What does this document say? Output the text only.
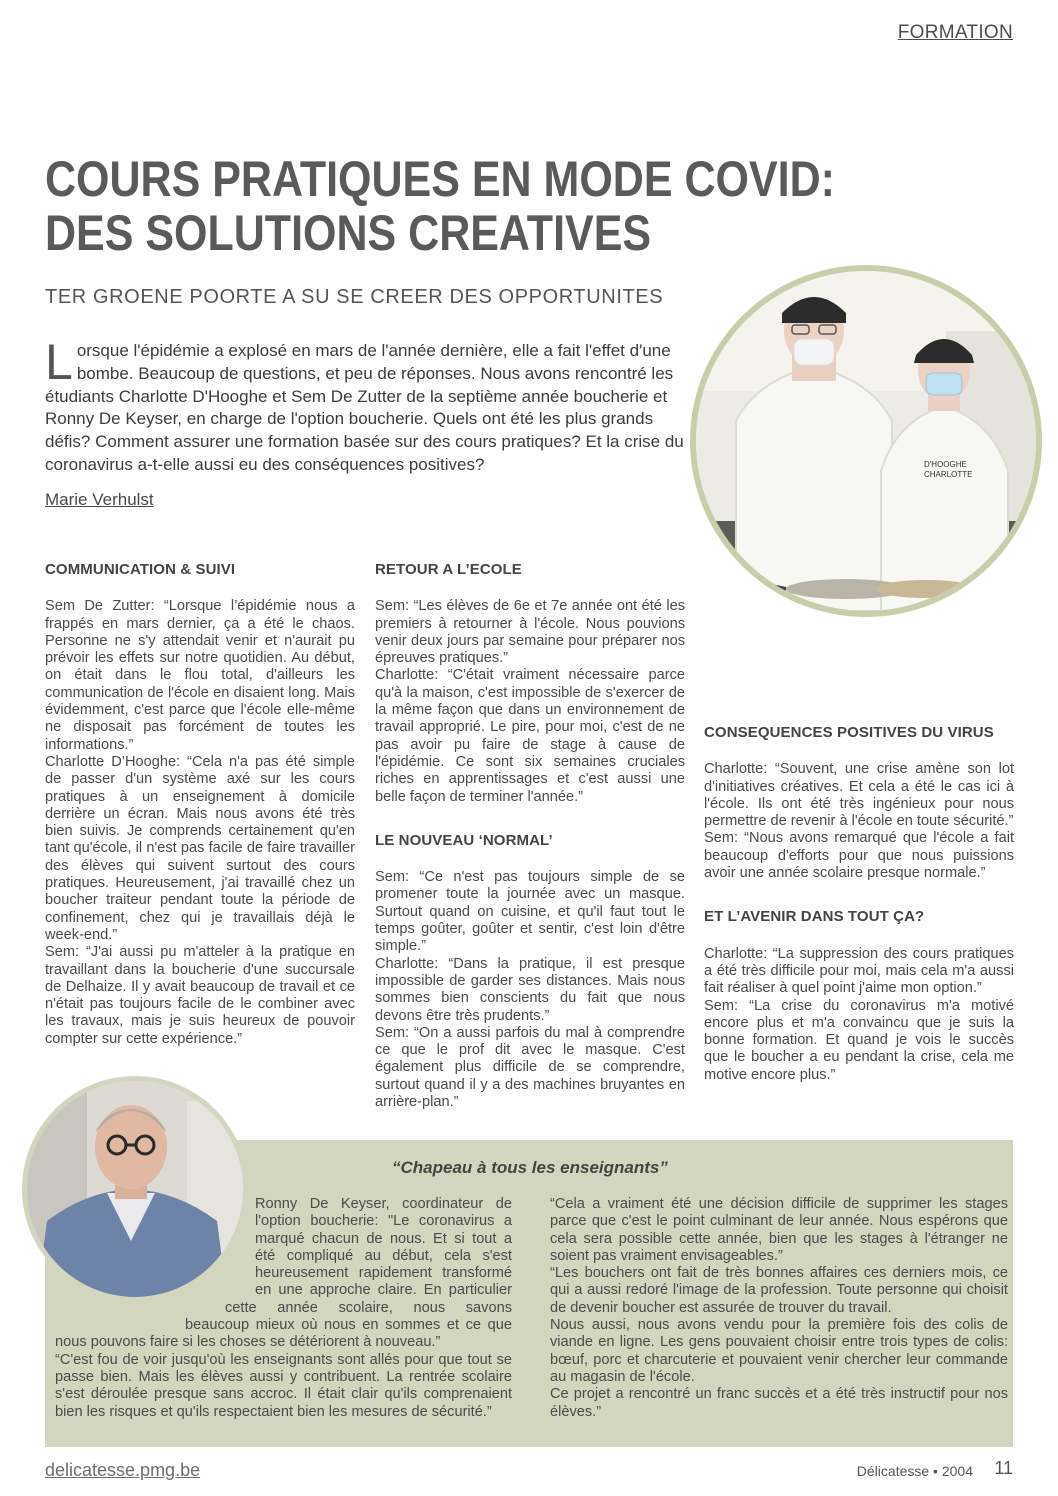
FORMATION
COURS PRATIQUES EN MODE COVID:
DES SOLUTIONS CREATIVES
TER GROENE POORTE A SU SE CREER DES OPPORTUNITES
Lorsque l'épidémie a explosé en mars de l'année dernière, elle a fait l'effet d'une bombe. Beaucoup de questions, et peu de réponses. Nous avons rencontré les étudiants Charlotte D'Hooghe et Sem De Zutter de la septième année boucherie et Ronny De Keyser, en charge de l'option boucherie. Quels ont été les plus grands défis? Comment assurer une formation basée sur des cours pratiques? Et la crise du coronavirus a-t-elle aussi eu des conséquences positives?
Marie Verhulst
D'HOOGHE
CHARLOTTE
COMMUNICATION & SUIVI

Sem De Zutter: “Lorsque l’épidémie nous a frappés en mars dernier, ça a été le chaos. Personne ne s'y attendait venir et n'aurait pu prévoir les effets sur notre quotidien. Au début, on était dans le flou total, d'ailleurs les communication de l'école en disaient long. Mais évidemment, c'est parce que l'école elle-même ne disposait pas forcément de toutes les informations.”

Charlotte D’Hooghe: “Cela n'a pas été simple de passer d'un système axé sur les cours pratiques à un enseignement à domicile derrière un écran. Mais nous avons été très bien suivis. Je comprends certainement qu'en tant qu'école, il n'est pas facile de faire travailler des élèves qui suivent surtout des cours pratiques. Heureusement, j'ai travaillé chez un boucher traiteur pendant toute la période de confinement, chez qui je travaillais déjà le week-end.”

Sem: “J'ai aussi pu m'atteler à la pratique en travaillant dans la boucherie d'une succursale de Delhaize. Il y avait beaucoup de travail et ce n'était pas toujours facile de le combiner avec les travaux, mais je suis heureux de pouvoir compter sur cette expérience.”

RETOUR A L’ECOLE

Sem: “Les élèves de 6e et 7e année ont été les premiers à retourner à l'école. Nous pouvions venir deux jours par semaine pour préparer nos épreuves pratiques.”

Charlotte: “C'était vraiment nécessaire parce qu'à la maison, c'est impossible de s'exercer de la même façon que dans un environnement de travail approprié. Le pire, pour moi, c'est de ne pas avoir pu faire de stage à cause de l'épidémie. Ce sont six semaines cruciales riches en apprentissages et c'est aussi une belle façon de terminer l'année.”

LE NOUVEAU ‘NORMAL’

Sem: “Ce n'est pas toujours simple de se promener toute la journée avec un masque. Surtout quand on cuisine, et qu'il faut tout le temps goûter, goûter et sentir, c'est loin d'être simple.”

Charlotte: “Dans la pratique, il est presque impossible de garder ses distances. Mais nous sommes bien conscients du fait que nous devons être très prudents.”

Sem: “On a aussi parfois du mal à comprendre ce que le prof dit avec le masque. C'est également plus difficile de se comprendre, surtout quand il y a des machines bruyantes en arrière-plan.”

CONSEQUENCES POSITIVES DU VIRUS

Charlotte: “Souvent, une crise amène son lot d'initiatives créatives. Et cela a été le cas ici à l'école. Ils ont été très ingénieux pour nous permettre de revenir à l'école en toute sécurité.”

Sem: “Nous avons remarqué que l'école a fait beaucoup d'efforts pour que nous puissions avoir une année scolaire presque normale.”

ET L’AVENIR DANS TOUT ÇA?

Charlotte: “La suppression des cours pratiques a été très difficile pour moi, mais cela m'a aussi fait réaliser à quel point j'aime mon option.”

Sem: “La crise du coronavirus m'a motivé encore plus et m'a convaincu que je suis la bonne formation. Et quand je vois le succès que le boucher a eu pendant la crise, cela me motive encore plus.”

“Chapeau à tous les enseignants”

Ronny De Keyser, coordinateur de l'option boucherie: "Le coronavirus a marqué chacun de nous. Et si tout a été compliqué au début, cela s'est heureusement rapidement transformé en une approche claire. En particulier cette année scolaire, nous savons beaucoup mieux où nous en sommes et ce que nous pouvons faire si les choses se détériorent à nouveau.”

“C'est fou de voir jusqu'où les enseignants sont allés pour que tout se passe bien. Mais les élèves aussi y contribuent. La rentrée scolaire s'est déroulée presque sans accroc. Il était clair qu'ils comprenaient bien les risques et qu'ils respectaient bien les mesures de sécurité.”

“Cela a vraiment été une décision difficile de supprimer les stages parce que c'est le point culminant de leur année. Nous espérons que cela sera possible cette année, bien que les stages à l'étranger ne soient pas vraiment envisageables.”

“Les bouchers ont fait de très bonnes affaires ces derniers mois, ce qui a aussi redoré l'image de la profession. Toute personne qui choisit de devenir boucher est assurée de trouver du travail.

Nous aussi, nous avons vendu pour la première fois des colis de viande en ligne. Les gens pouvaient choisir entre trois types de colis: bœuf, porc et charcuterie et pouvaient venir chercher leur commande au magasin de l'école.

Ce projet a rencontré un franc succès et a été très instructif pour nos élèves.”

delicatesse.pmg.be	Délicatesse • 2004 11
